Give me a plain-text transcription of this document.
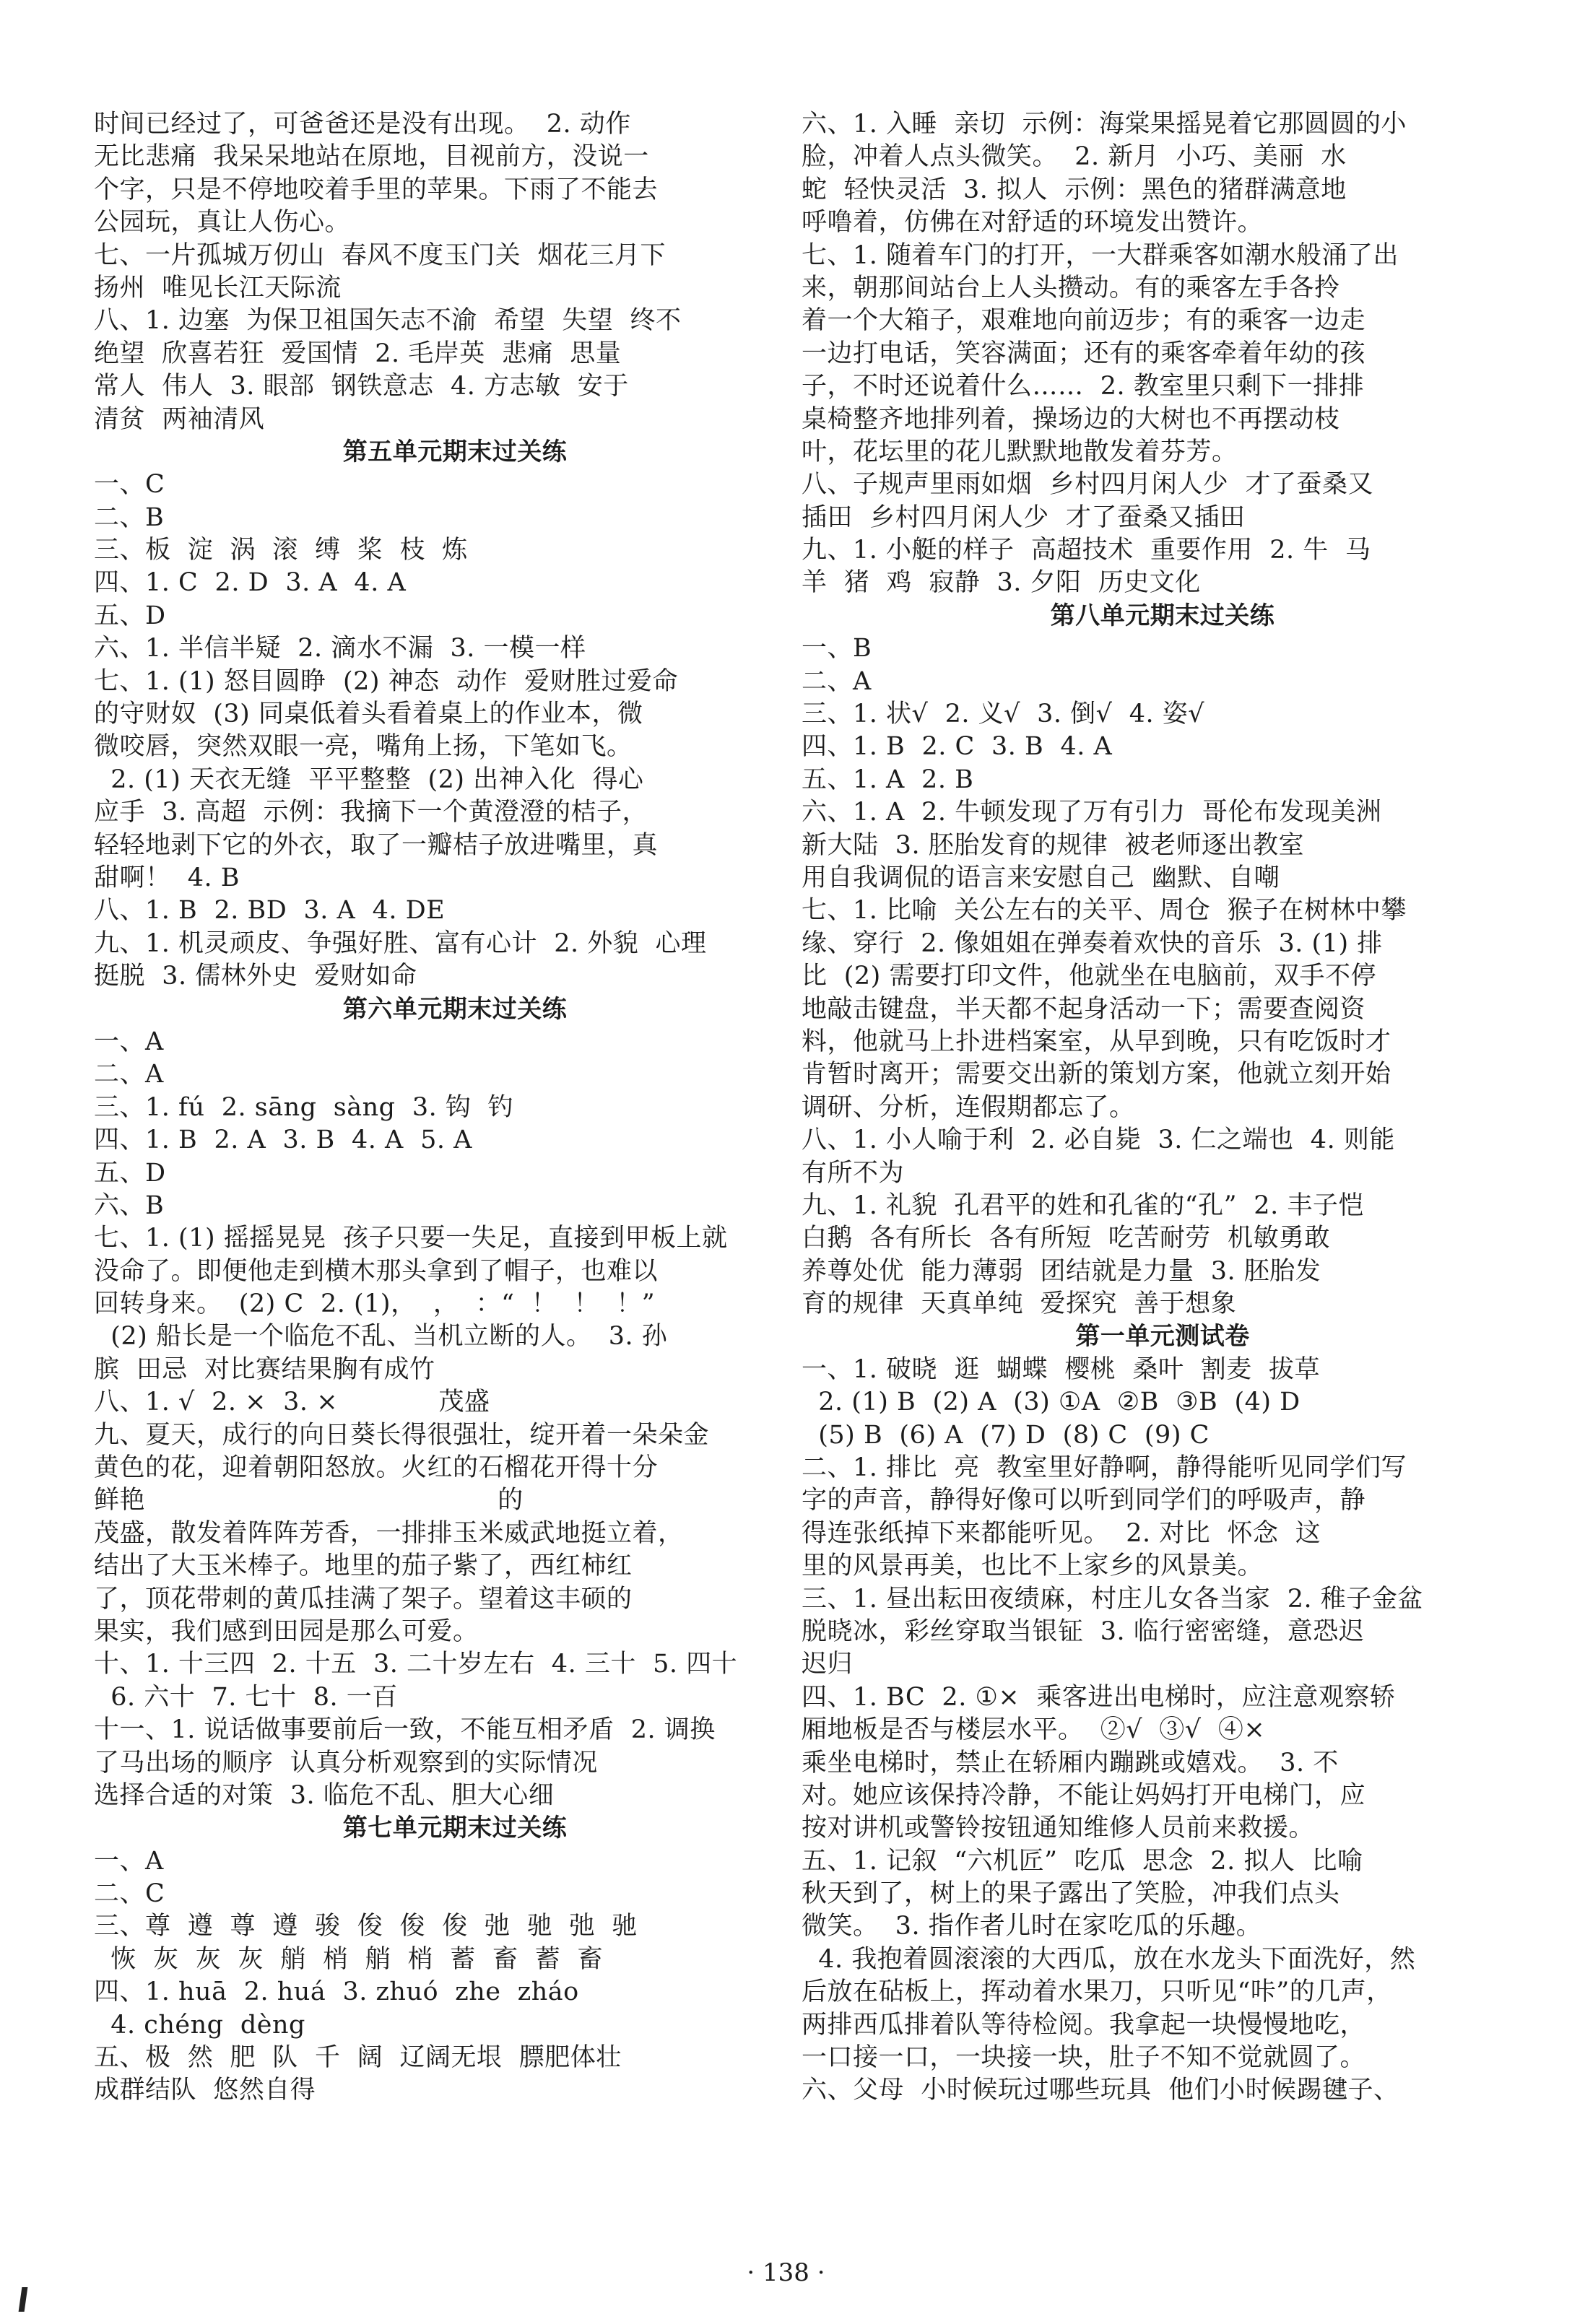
时间已经过了，可爸爸还是没有出现。  2. 动作
无比悲痛  我呆呆地站在原地，目视前方，没说一
个字，只是不停地咬着手里的苹果。下雨了不能去
公园玩，真让人伤心。
七、一片孤城万仞山  春风不度玉门关  烟花三月下
扬州  唯见长江天际流
八、1. 边塞  为保卫祖国矢志不渝  希望  失望  终不
绝望  欣喜若狂  爱国情  2. 毛岸英  悲痛  思量
常人  伟人  3. 眼部  钢铁意志  4. 方志敏  安于
清贫  两袖清风
第五单元期末过关练
一、C
二、B
三、板  淀  涡  滚  缚  桨  枝  炼
四、1. C  2. D  3. A  4. A
五、D
六、1. 半信半疑  2. 滴水不漏  3. 一模一样
七、1. (1) 怒目圆睁  (2) 神态  动作  爱财胜过爱命
的守财奴  (3) 同桌低着头看着桌上的作业本，微
微咬唇，突然双眼一亮，嘴角上扬，下笔如飞。
2. (1) 天衣无缝  平平整整  (2) 出神入化  得心
应手  3. 高超  示例：我摘下一个黄澄澄的桔子，
轻轻地剥下它的外衣，取了一瓣桔子放进嘴里，真
甜啊！  4. B
八、1. B  2. BD  3. A  4. DE
九、1. 机灵顽皮、争强好胜、富有心计  2. 外貌  心理
挺脱  3. 儒林外史  爱财如命
第六单元期末过关练
一、A
二、A
三、1. fú  2. sāng  sàng  3. 钩  钓
四、1. B  2. A  3. B  4. A  5. A
五、D
六、B
七、1. (1) 摇摇晃晃  孩子只要一失足，直接到甲板上就
没命了。即便他走到横木那头拿到了帽子，也难以
回转身来。  (2) C  2. (1)，  ，  ：“  ！  ！  ！”
(2) 船长是一个临危不乱、当机立断的人。  3. 孙
膑  田忌  对比赛结果胸有成竹
八、1. √  2. ×  3. ×            茂盛
九、夏天，成行的向日葵长得很强壮，绽开着一朵朵金
黄色的花，迎着朝阳怒放。火红的石榴花开得十分
鲜艳                                          的
茂盛，散发着阵阵芳香，一排排玉米威武地挺立着，
结出了大玉米棒子。地里的茄子紫了，西红柿红
了，顶花带刺的黄瓜挂满了架子。望着这丰硕的
果实，我们感到田园是那么可爱。
十、1. 十三四  2. 十五  3. 二十岁左右  4. 三十  5. 四十
6. 六十  7. 七十  8. 一百
十一、1. 说话做事要前后一致，不能互相矛盾  2. 调换
了马出场的顺序  认真分析观察到的实际情况
选择合适的对策  3. 临危不乱、胆大心细
第七单元期末过关练
一、A
二、C
三、尊  遵  尊  遵  骏  俊  俊  俊  弛  驰  弛  驰
恢  灰  灰  灰  艄  梢  艄  梢  蓄  畜  蓄  畜
四、1. huā  2. huá  3. zhuó  zhe  zháo
4. chéng  dèng
五、极  然  肥  队  千  阔  辽阔无垠  膘肥体壮
成群结队  悠然自得
六、1. 入睡  亲切  示例：海棠果摇晃着它那圆圆的小
脸，冲着人点头微笑。  2. 新月  小巧、美丽  水
蛇  轻快灵活  3. 拟人  示例：黑色的猪群满意地
呼噜着，仿佛在对舒适的环境发出赞许。
七、1. 随着车门的打开，一大群乘客如潮水般涌了出
来，朝那间站台上人头攒动。有的乘客左手各拎
着一个大箱子，艰难地向前迈步；有的乘客一边走
一边打电话，笑容满面；还有的乘客牵着年幼的孩
子，不时还说着什么……  2. 教室里只剩下一排排
桌椅整齐地排列着，操场边的大树也不再摆动枝
叶，花坛里的花儿默默地散发着芬芳。
八、子规声里雨如烟  乡村四月闲人少  才了蚕桑又
插田  乡村四月闲人少  才了蚕桑又插田
九、1. 小艇的样子  高超技术  重要作用  2. 牛  马
羊  猪  鸡  寂静  3. 夕阳  历史文化
第八单元期末过关练
一、B
二、A
三、1. 状√  2. 义√  3. 倒√  4. 姿√
四、1. B  2. C  3. B  4. A
五、1. A  2. B
六、1. A  2. 牛顿发现了万有引力  哥伦布发现美洲
新大陆  3. 胚胎发育的规律  被老师逐出教室
用自我调侃的语言来安慰自己  幽默、自嘲
七、1. 比喻  关公左右的关平、周仓  猴子在树林中攀
缘、穿行  2. 像姐姐在弹奏着欢快的音乐  3. (1) 排
比  (2) 需要打印文件，他就坐在电脑前，双手不停
地敲击键盘，半天都不起身活动一下；需要查阅资
料，他就马上扑进档案室，从早到晚，只有吃饭时才
肯暂时离开；需要交出新的策划方案，他就立刻开始
调研、分析，连假期都忘了。
八、1. 小人喻于利  2. 必自毙  3. 仁之端也  4. 则能
有所不为
九、1. 礼貌  孔君平的姓和孔雀的“孔”  2. 丰子恺
白鹅  各有所长  各有所短  吃苦耐劳  机敏勇敢
养尊处优  能力薄弱  团结就是力量  3. 胚胎发
育的规律  天真单纯  爱探究  善于想象
第一单元测试卷
一、1. 破晓  逛  蝴蝶  樱桃  桑叶  割麦  拔草
2. (1) B  (2) A  (3) ①A  ②B  ③B  (4) D
(5) B  (6) A  (7) D  (8) C  (9) C
二、1. 排比  亮  教室里好静啊，静得能听见同学们写
字的声音，静得好像可以听到同学们的呼吸声，静
得连张纸掉下来都能听见。  2. 对比  怀念  这
里的风景再美，也比不上家乡的风景美。
三、1. 昼出耘田夜绩麻，村庄儿女各当家  2. 稚子金盆
脱晓冰，彩丝穿取当银钲  3. 临行密密缝，意恐迟
迟归
四、1. BC  2. ①×  乘客进出电梯时，应注意观察轿
厢地板是否与楼层水平。  ②√  ③√  ④×
乘坐电梯时，禁止在轿厢内蹦跳或嬉戏。  3. 不
对。她应该保持冷静，不能让妈妈打开电梯门，应
按对讲机或警铃按钮通知维修人员前来救援。
五、1. 记叙  “六机匠”  吃瓜  思念  2. 拟人  比喻
秋天到了，树上的果子露出了笑脸，冲我们点头
微笑。  3. 指作者儿时在家吃瓜的乐趣。
4. 我抱着圆滚滚的大西瓜，放在水龙头下面洗好，然
后放在砧板上，挥动着水果刀，只听见“咔”的几声，
两排西瓜排着队等待检阅。我拿起一块慢慢地吃，
一口接一口，一块接一块，肚子不知不觉就圆了。
六、父母  小时候玩过哪些玩具  他们小时候踢毽子、
· 138 ·
